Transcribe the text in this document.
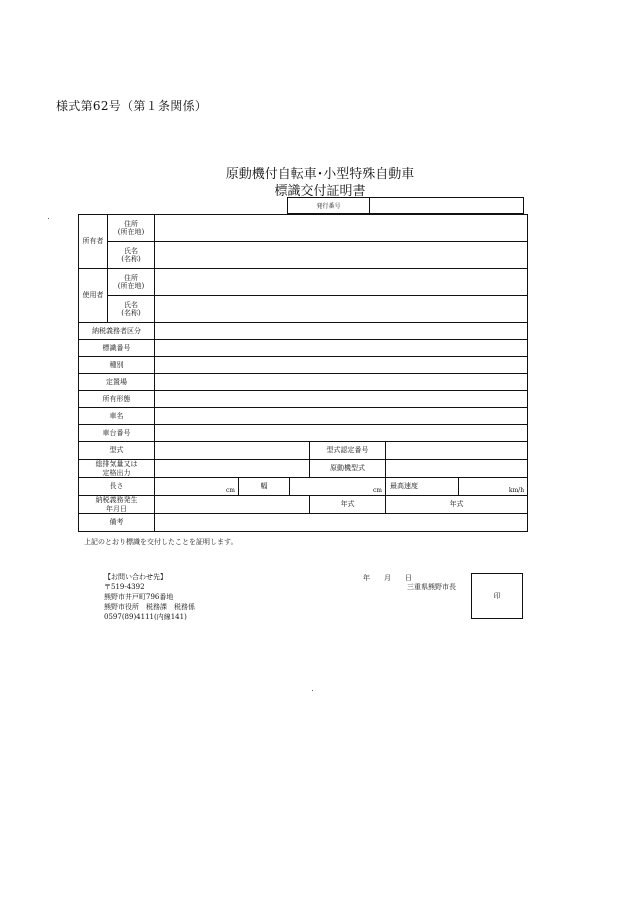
様式第62号（第１条関係）
原動機付自転車･小型特殊自動車
標識交付証明書
発行番号
所有者	住所
(所在地)						
	氏名
(名称)						
使用者	住所
(所在地)						
	氏名
(名称)						
納税義務者区分							
標識番号							
種別							
定置場							
所有形態							
車名							
車台番号							
型式					型式認定番号		
総排気量又は
定格出力					原動機型式		
長さ		cm	幅	cm		最高速度	km/h
納税義務発生
年月日					年式	年式	
備考							
上記のとおり標識を交付したことを証明します。
【お問い合わせ先】
〒519-4392
熊野市井戸町796番地
熊野市役所　税務課　税務係
0597(89)4111(内線141)
年 月 日
三重県熊野市長
印
